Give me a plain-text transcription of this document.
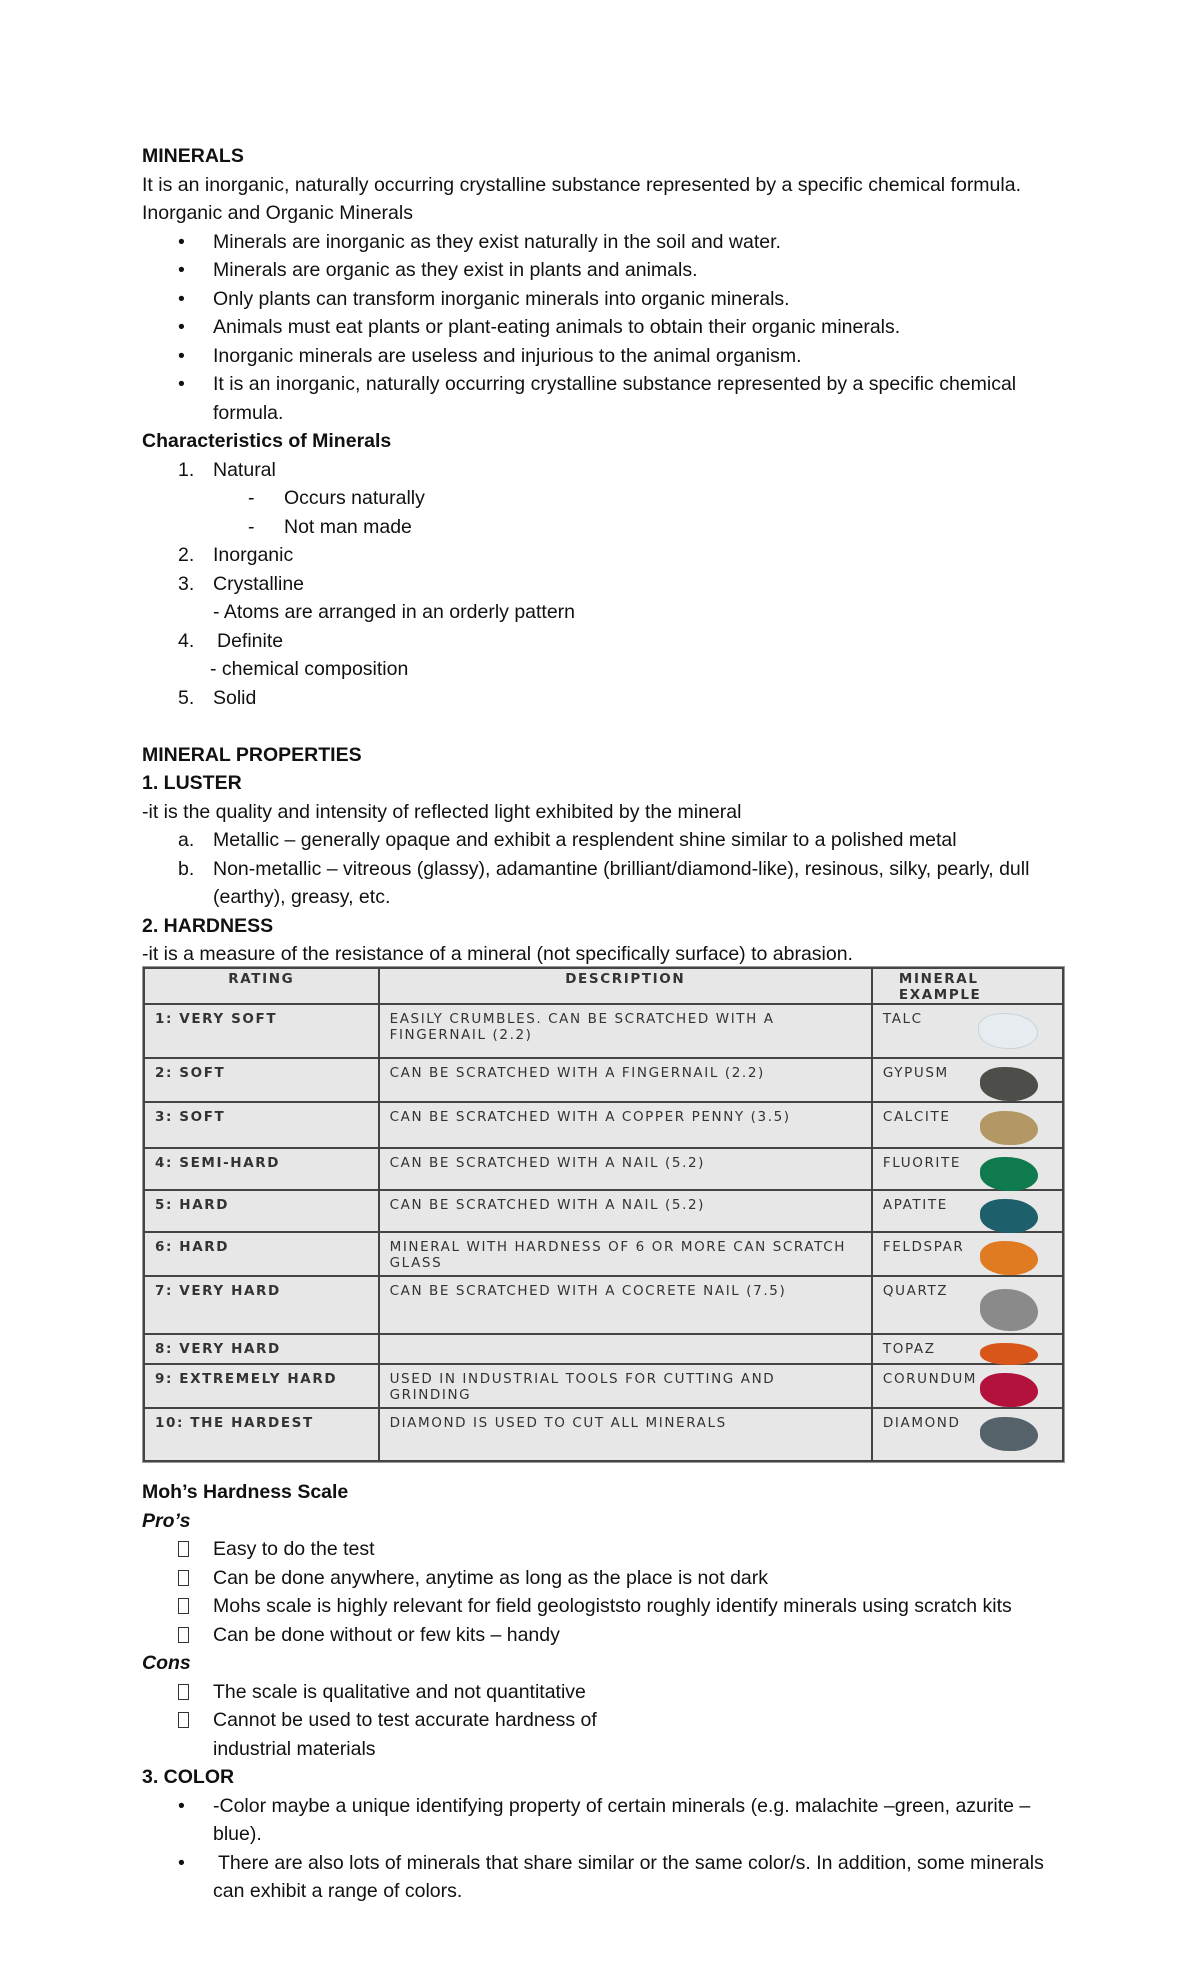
MINERALS

It is an inorganic, naturally occurring crystalline substance represented by a specific chemical formula.

Inorganic and Organic Minerals

•	Minerals are inorganic as they exist naturally in the soil and water.
•	Minerals are organic as they exist in plants and animals.
•	Only plants can transform inorganic minerals into organic minerals.
•	Animals must eat plants or plant-eating animals to obtain their organic minerals.
•	Inorganic minerals are useless and injurious to the animal organism.
•	It is an inorganic, naturally occurring crystalline substance represented by a specific chemical formula.

Characteristics of Minerals

1. Natural
- Occurs naturally
- Not man made
2. Inorganic
3. Crystalline
- Atoms are arranged in an orderly pattern
4.	Definite
- chemical composition
5. Solid

MINERAL PROPERTIES

1. LUSTER

-it is the quality and intensity of reflected light exhibited by the mineral

a. Metallic – generally opaque and exhibit a resplendent shine similar to a polished metal
b. Non-metallic – vitreous (glassy), adamantine (brilliant/diamond-like), resinous, silky, pearly, dull (earthy), greasy, etc.

2. HARDNESS

-it is a measure of the resistance of a mineral (not specifically surface) to abrasion.

RATING	DESCRIPTION	MINERAL EXAMPLE
1: VERY SOFT	EASILY CRUMBLES. CAN BE SCRATCHED WITH A FINGERNAIL (2.2)	TALC

2: SOFT	CAN BE SCRATCHED WITH A FINGERNAIL (2.2)	GYPUSM

3: SOFT	CAN BE SCRATCHED WITH A COPPER PENNY (3.5)	CALCITE

4: SEMI-HARD	CAN BE SCRATCHED WITH A NAIL (5.2)	FLUORITE

5: HARD	CAN BE SCRATCHED WITH A NAIL (5.2)	APATITE

6: HARD	MINERAL WITH HARDNESS OF 6 OR MORE CAN SCRATCH GLASS	FELDSPAR

7: VERY HARD	CAN BE SCRATCHED WITH A COCRETE NAIL (7.5)	QUARTZ

8: VERY HARD		TOPAZ

9: EXTREMELY HARD	USED IN INDUSTRIAL TOOLS FOR CUTTING AND GRINDING	CORUNDUM

10: THE HARDEST	DIAMOND IS USED TO CUT ALL MINERALS	DIAMOND

Moh’s Hardness Scale

Pro’s

Easy to do the test
Can be done anywhere, anytime as long as the place is not dark
Mohs scale is highly relevant for field geologiststo roughly identify minerals using scratch kits
Can be done without or few kits – handy

Cons

The scale is qualitative and not quantitative
Cannot be used to test accurate hardness of industrial materials

3. COLOR

•	-Color maybe a unique identifying property of certain minerals (e.g. malachite –green, azurite – blue).
•	There are also lots of minerals that share similar or the same color/s. In addition, some minerals can exhibit a range of colors.
